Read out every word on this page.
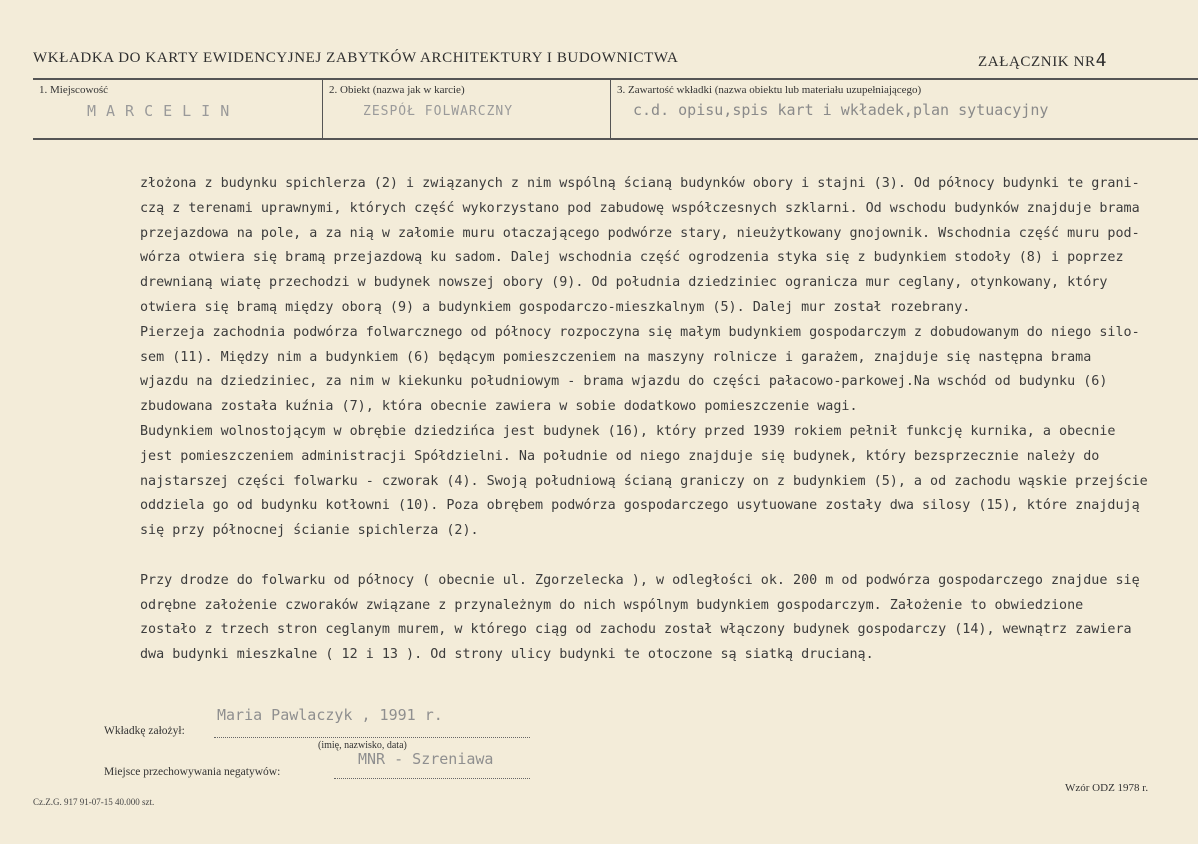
WKŁADKA DO KARTY EWIDENCYJNEJ ZABYTKÓW ARCHITEKTURY I BUDOWNICTWA	ZAŁĄCZNIK NR4
1. Miejscowość
MARCELIN
2. Obiekt (nazwa jak w karcie)
ZESPÓŁ FOLWARCZNY
3. Zawartość wkładki (nazwa obiektu lub materiału uzupełniającego)
c.d. opisu,spis kart i wkładek,plan sytuacyjny
złożona z budynku spichlerza (2) i związanych z nim wspólną ścianą budynków obory i stajni (3). Od północy budynki te grani-
czą z terenami uprawnymi, których część wykorzystano pod zabudowę współczesnych szklarni. Od wschodu budynków znajduje brama
przejazdowa na pole, a za nią w załomie muru otaczającego podwórze stary, nieużytkowany gnojownik. Wschodnia część muru pod-
wórza otwiera się bramą przejazdową ku sadom. Dalej wschodnia część ogrodzenia styka się z budynkiem stodoły (8) i poprzez
drewnianą wiatę przechodzi w budynek nowszej obory (9). Od południa dziedziniec ogranicza mur ceglany, otynkowany, który
otwiera się bramą między oborą (9) a budynkiem gospodarczo-mieszkalnym (5). Dalej mur został rozebrany.
Pierzeja zachodnia podwórza folwarcznego od północy rozpoczyna się małym budynkiem gospodarczym z dobudowanym do niego silo-
sem (11). Między nim a budynkiem (6) będącym pomieszczeniem na maszyny rolnicze i garażem, znajduje się następna brama
wjazdu na dziedziniec, za nim w kiekunku południowym - brama wjazdu do części pałacowo-parkowej.Na wschód od budynku (6)
zbudowana została kuźnia (7), która obecnie zawiera w sobie dodatkowo pomieszczenie wagi.
Budynkiem wolnostojącym w obrębie dziedzińca jest budynek (16), który przed 1939 rokiem pełnił funkcję kurnika, a obecnie
jest pomieszczeniem administracji Spółdzielni. Na południe od niego znajduje się budynek, który bezsprzecznie należy do
najstarszej części folwarku - czworak (4). Swoją południową ścianą graniczy on z budynkiem (5), a od zachodu wąskie przejście
oddziela go od budynku kotłowni (10). Poza obrębem podwórza gospodarczego usytuowane zostały dwa silosy (15), które znajdują
się przy północnej ścianie spichlerza (2).
Przy drodze do folwarku od północy ( obecnie ul. Zgorzelecka ), w odległości ok. 200 m od podwórza gospodarczego znajdue się
odrębne założenie czworaków związane z przynależnym do nich wspólnym budynkiem gospodarczym. Założenie to obwiedzione
zostało z trzech stron ceglanym murem, w którego ciąg od zachodu został włączony budynek gospodarczy (14), wewnątrz zawiera
dwa budynki mieszkalne ( 12 i 13 ). Od strony ulicy budynki te otoczone są siatką drucianą.
Wkładkę założył:
Maria Pawlaczyk , 1991 r.
(imię, nazwisko, data)
Miejsce przechowywania negatywów:
MNR - Szreniawa
Cz.Z.G. 917 91-07-15 40.000 szt.
Wzór ODZ 1978 r.
